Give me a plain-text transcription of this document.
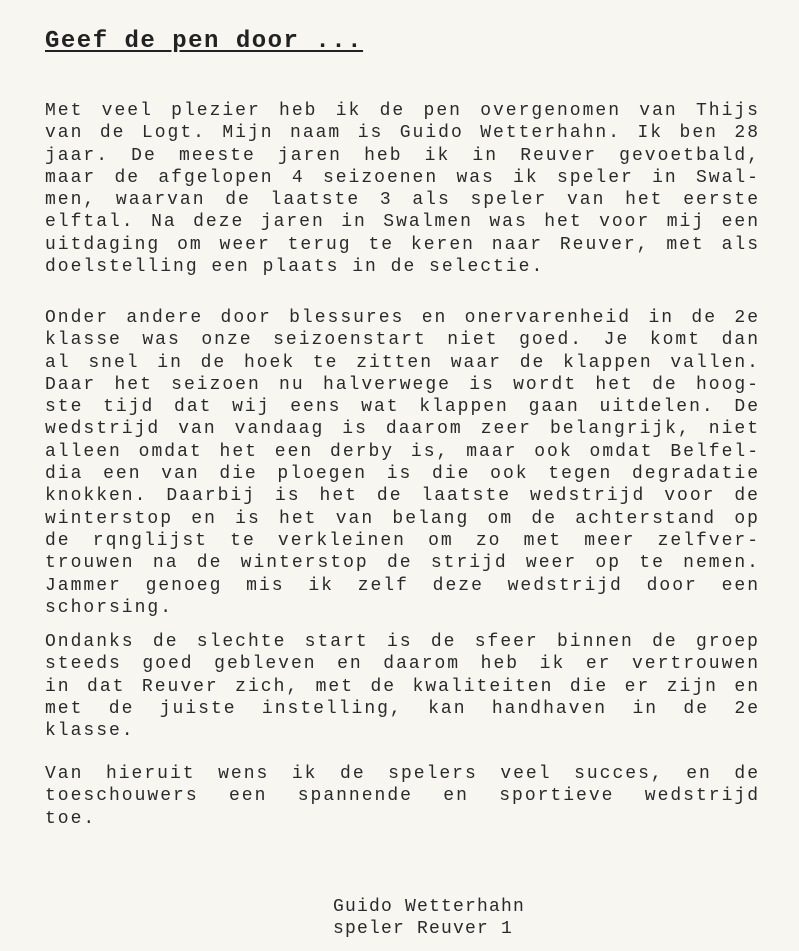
Geef de pen door ...
Met veel plezier heb ik de pen overgenomen van Thijs
van de Logt. Mijn naam is Guido Wetterhahn. Ik ben 28
jaar. De meeste jaren heb ik in Reuver gevoetbald,
maar de afgelopen 4 seizoenen was ik speler in Swal-
men, waarvan de laatste 3 als speler van het eerste
elftal. Na deze jaren in Swalmen was het voor mij een
uitdaging om weer terug te keren naar Reuver, met als
doelstelling een plaats in de selectie.
Onder andere door blessures en onervarenheid in de 2e
klasse was onze seizoenstart niet goed. Je komt dan
al snel in de hoek te zitten waar de klappen vallen.
Daar het seizoen nu halverwege is wordt het de hoog-
ste tijd dat wij eens wat klappen gaan uitdelen. De
wedstrijd van vandaag is daarom zeer belangrijk, niet
alleen omdat het een derby is, maar ook omdat Belfel-
dia een van die ploegen is die ook tegen degradatie
knokken. Daarbij is het de laatste wedstrijd voor de
winterstop en is het van belang om de achterstand op
de rqnglijst te verkleinen om zo met meer zelfver-
trouwen na de winterstop de strijd weer op te nemen.
Jammer genoeg mis ik zelf deze wedstrijd door een
schorsing.
Ondanks de slechte start is de sfeer binnen de groep
steeds goed gebleven en daarom heb ik er vertrouwen
in dat Reuver zich, met de kwaliteiten die er zijn en
met de juiste instelling, kan handhaven in de 2e
klasse.
Van hieruit wens ik de spelers veel succes, en de
toeschouwers een spannende en sportieve wedstrijd
toe.
Guido Wetterhahn
speler Reuver 1
